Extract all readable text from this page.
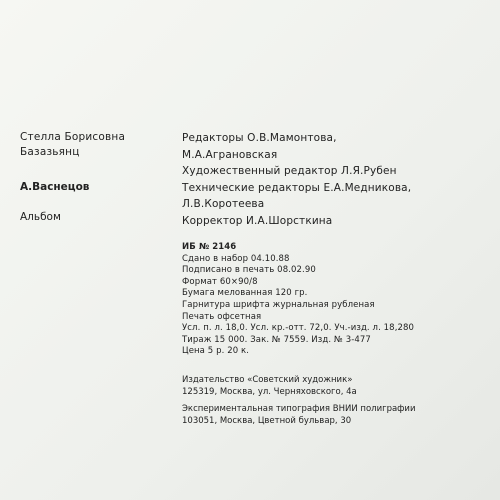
Стелла Борисовна
Базазьянц
А.Васнецов
Альбом
Редакторы О.В.Мамонтова,
М.А.Аграновская
Художественный редактор Л.Я.Рубен
Технические редакторы Е.А.Медникова,
Л.В.Коротеева
Корректор И.А.Шорсткина
ИБ № 2146
Сдано в набор 04.10.88
Подписано в печать 08.02.90
Формат 60×90/8
Бумага мелованная 120 гр.
Гарнитура шрифта журнальная рубленая
Печать офсетная
Усл. п. л. 18,0. Усл. кр.-отт. 72,0. Уч.-изд. л. 18,280
Тираж 15 000. Зак. № 7559. Изд. № 3-477
Цена 5 р. 20 к.
Издательство «Советский художник»
125319, Москва, ул. Черняховского, 4а
Экспериментальная типография ВНИИ полиграфии
103051, Москва, Цветной бульвар, 30
